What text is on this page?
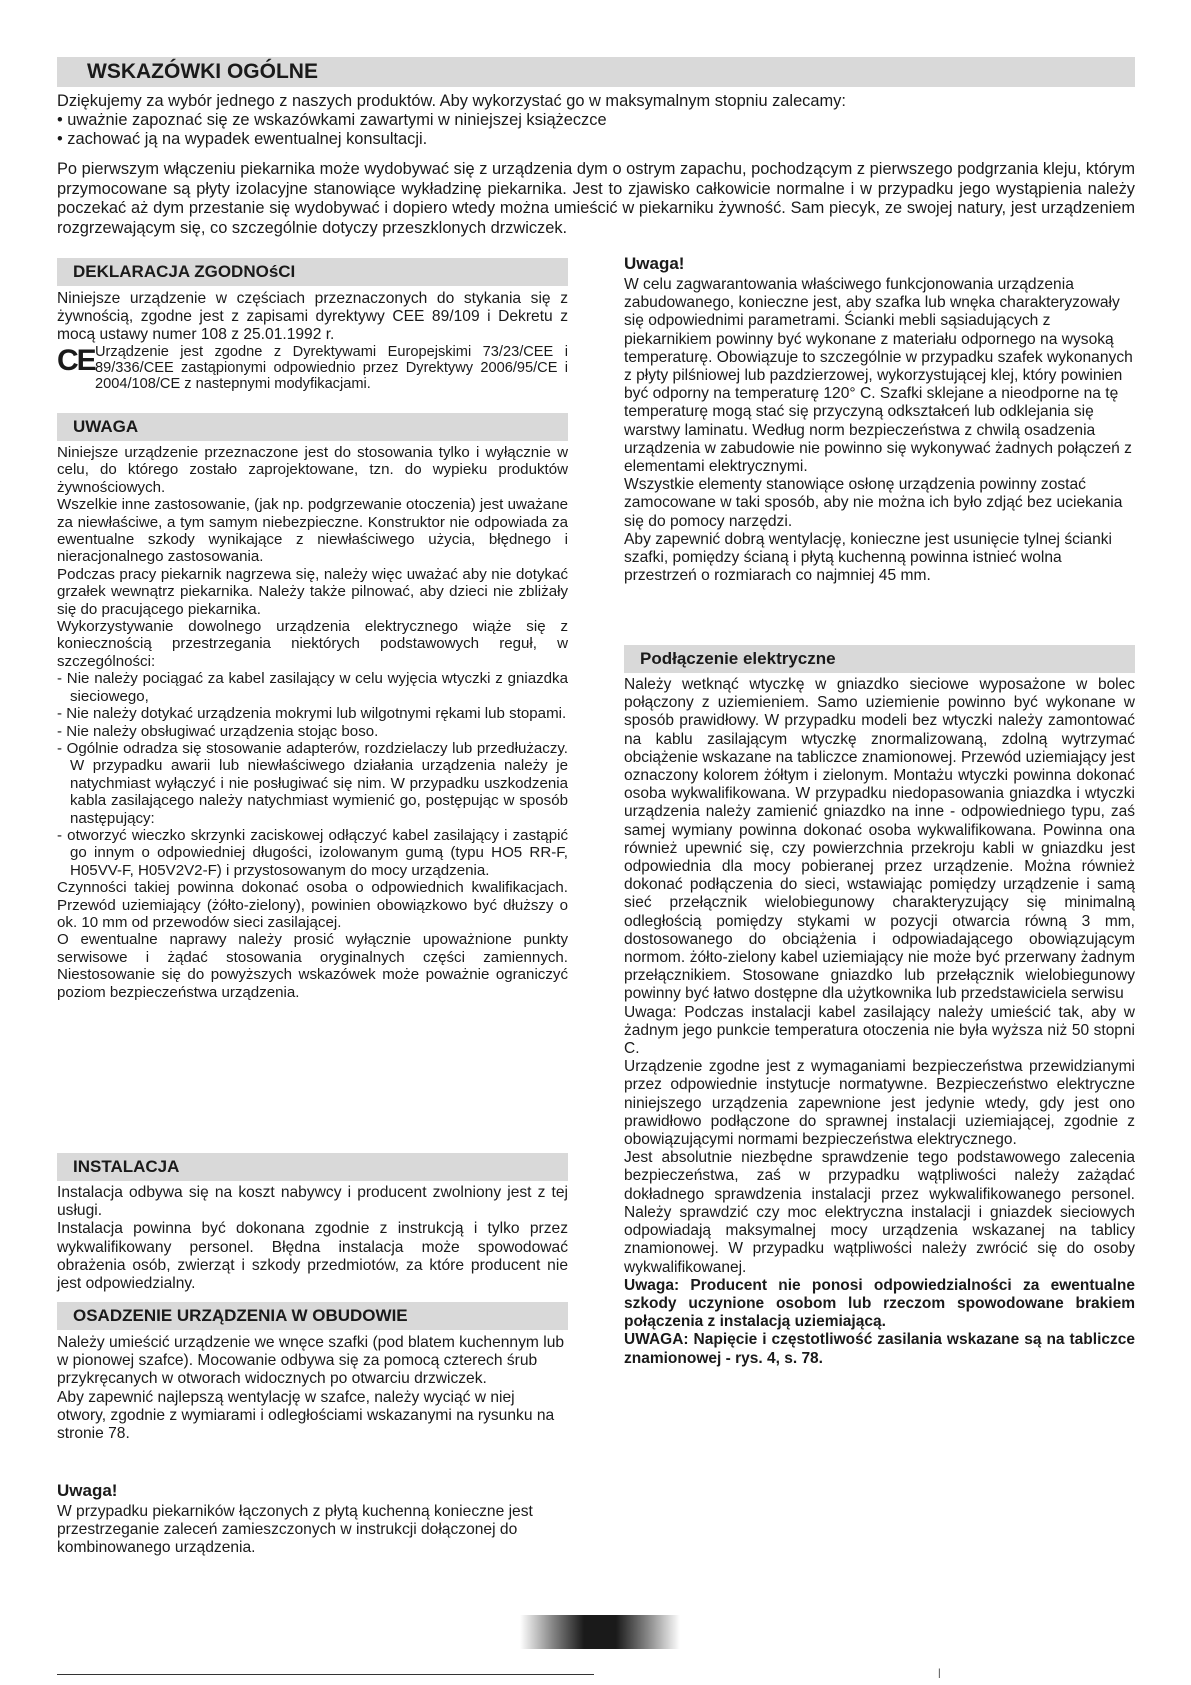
WSKAZÓWKI OGÓLNE

Dziękujemy za wybór jednego z naszych produktów. Aby wykorzystać go w maksymalnym stopniu zalecamy:

• uważnie zapoznać się ze wskazówkami zawartymi w niniejszej książeczce
• zachować ją na wypadek ewentualnej konsultacji.

Po pierwszym włączeniu piekarnika może wydobywać się z urządzenia dym o ostrym zapachu, pochodzącym z pierwszego podgrzania kleju, którym przymocowane są płyty izolacyjne stanowiące wykładzinę piekarnika. Jest to zjawisko całkowicie normalne i w przypadku jego wystąpienia należy poczekać aż dym przestanie się wydobywać i dopiero wtedy można umieścić w piekarniku żywność. Sam piecyk, ze swojej natury, jest urządzeniem rozgrzewającym się, co szczególnie dotyczy przeszklonych drzwiczek.

DEKLARACJA ZGODNOśCI

Niniejsze urządzenie w częściach przeznaczonych do stykania się z żywnością, zgodne jest z zapisami dyrektywy CEE 89/109 i Dekretu z mocą ustawy numer 108 z 25.01.1992 r.

CE Urządzenie jest zgodne z Dyrektywami Europejskimi 73/23/CEE i 89/336/CEE zastąpionymi odpowiednio przez Dyrektywy 2006/95/CE i 2004/108/CE z nastepnymi modyfikacjami.
UWAGA

Niniejsze urządzenie przeznaczone jest do stosowania tylko i wyłącznie w celu, do którego zostało zaprojektowane, tzn. do wypieku produktów żywnościowych.

Wszelkie inne zastosowanie, (jak np. podgrzewanie otoczenia) jest uważane za niewłaściwe, a tym samym niebezpieczne. Konstruktor nie odpowiada za ewentualne szkody wynikające z niewłaściwego użycia, błędnego i nieracjonalnego zastosowania.

Podczas pracy piekarnik nagrzewa się, należy więc uważać aby nie dotykać grzałek wewnątrz piekarnika. Należy także pilnować, aby dzieci nie zbliżały się do pracującego piekarnika.

Wykorzystywanie dowolnego urządzenia elektrycznego wiąże się z koniecznością przestrzegania niektórych podstawowych reguł, w szczególności:

- Nie należy pociągać za kabel zasilający w celu wyjęcia wtyczki z gniazdka sieciowego,
- Nie należy dotykać urządzenia mokrymi lub wilgotnymi rękami lub stopami.
- Nie należy obsługiwać urządzenia stojąc boso.
- Ogólnie odradza się stosowanie adapterów, rozdzielaczy lub przedłużaczy. W przypadku awarii lub niewłaściwego działania urządzenia należy je natychmiast wyłączyć i nie posługiwać się nim. W przypadku uszkodzenia kabla zasilającego należy natychmiast wymienić go, postępując w sposób następujący:
- otworzyć wieczko skrzynki zaciskowej odłączyć kabel zasilający i zastąpić go innym o odpowiedniej długości, izolowanym gumą (typu HO5 RR-F, H05VV-F, H05V2V2-F) i przystosowanym do mocy urządzenia.

Czynności takiej powinna dokonać osoba o odpowiednich kwalifikacjach. Przewód uziemiający (żółto-zielony), powinien obowiązkowo być dłuższy o ok. 10 mm od przewodów sieci zasilającej.

O ewentualne naprawy należy prosić wyłącznie upoważnione punkty serwisowe i żądać stosowania oryginalnych części zamiennych. Niestosowanie się do powyższych wskazówek może poważnie ograniczyć poziom bezpieczeństwa urządzenia.

INSTALACJA

Instalacja odbywa się na koszt nabywcy i producent zwolniony jest z tej usługi.

Instalacja powinna być dokonana zgodnie z instrukcją i tylko przez wykwalifikowany personel. Błędna instalacja może spowodować obrażenia osób, zwierząt i szkody przedmiotów, za które producent nie jest odpowiedzialny.

OSADZENIE URZĄDZENIA W OBUDOWIE

Należy umieścić urządzenie we wnęce szafki (pod blatem kuchennym lub w pionowej szafce). Mocowanie odbywa się za pomocą czterech śrub przykręcanych w otworach widocznych po otwarciu drzwiczek.

Aby zapewnić najlepszą wentylację w szafce, należy wyciąć w niej otwory, zgodnie z wymiarami i odległościami wskazanymi na rysunku na stronie 78.

Uwaga!

W przypadku piekarników łączonych z płytą kuchenną konieczne jest przestrzeganie zaleceń zamieszczonych w instrukcji dołączonej do kombinowanego urządzenia.

Uwaga!

W celu zagwarantowania właściwego funkcjonowania urządzenia zabudowanego, konieczne jest, aby szafka lub wnęka charakteryzowały się odpowiednimi parametrami. Ścianki mebli sąsiadujących z piekarnikiem powinny być wykonane z materiału odpornego na wysoką temperaturę. Obowiązuje to szczególnie w przypadku szafek wykonanych z płyty pilśniowej lub pazdzierzowej, wykorzystującej klej, który powinien być odporny na temperaturę 120° C. Szafki sklejane a nieodporne na tę temperaturę mogą stać się przyczyną odkształceń lub odklejania się warstwy laminatu. Według norm bezpieczeństwa z chwilą osadzenia urządzenia w zabudowie nie powinno się wykonywać żadnych połączeń z elementami elektrycznymi.

Wszystkie elementy stanowiące osłonę urządzenia powinny zostać zamocowane w taki sposób, aby nie można ich było zdjąć bez uciekania się do pomocy narzędzi.

Aby zapewnić dobrą wentylację, konieczne jest usunięcie tylnej ścianki szafki, pomiędzy ścianą i płytą kuchenną powinna istnieć wolna przestrzeń o rozmiarach co najmniej 45 mm.

Podłączenie elektryczne

Należy wetknąć wtyczkę w gniazdko sieciowe wyposażone w bolec połączony z uziemieniem. Samo uziemienie powinno być wykonane w sposób prawidłowy. W przypadku modeli bez wtyczki należy zamontować na kablu zasilającym wtyczkę znormalizowaną, zdolną wytrzymać obciążenie wskazane na tabliczce znamionowej. Przewód uziemiający jest oznaczony kolorem żółtym i zielonym. Montażu wtyczki powinna dokonać osoba wykwalifikowana. W przypadku niedopasowania gniazdka i wtyczki urządzenia należy zamienić gniazdko na inne - odpowiedniego typu, zaś samej wymiany powinna dokonać osoba wykwalifikowana. Powinna ona również upewnić się, czy powierzchnia przekroju kabli w gniazdku jest odpowiednia dla mocy pobieranej przez urządzenie. Można również dokonać podłączenia do sieci, wstawiając pomiędzy urządzenie i samą sieć przełącznik wielobiegunowy charakteryzujący się minimalną odległością pomiędzy stykami w pozycji otwarcia równą 3 mm, dostosowanego do obciążenia i odpowiadającego obowiązującym normom. żółto-zielony kabel uziemiający nie może być przerwany żadnym przełącznikiem. Stosowane gniazdko lub przełącznik wielobiegunowy powinny być łatwo dostępne dla użytkownika lub przedstawiciela serwisu

Uwaga: Podczas instalacji kabel zasilający należy umieścić tak, aby w żadnym jego punkcie temperatura otoczenia nie była wyższa niż 50 stopni C.

Urządzenie zgodne jest z wymaganiami bezpieczeństwa przewidzianymi przez odpowiednie instytucje normatywne. Bezpieczeństwo elektryczne niniejszego urządzenia zapewnione jest jedynie wtedy, gdy jest ono prawidłowo podłączone do sprawnej instalacji uziemiającej, zgodnie z obowiązującymi normami bezpieczeństwa elektrycznego.

Jest absolutnie niezbędne sprawdzenie tego podstawowego zalecenia bezpieczeństwa, zaś w przypadku wątpliwości należy zażądać dokładnego sprawdzenia instalacji przez wykwalifikowanego personel. Należy sprawdzić czy moc elektryczna instalacji i gniazdek sieciowych odpowiadają maksymalnej mocy urządzenia wskazanej na tablicy znamionowej. W przypadku wątpliwości należy zwrócić się do osoby wykwalifikowanej.

Uwaga: Producent nie ponosi odpowiedzialności za ewentualne szkody uczynione osobom lub rzeczom spowodowane brakiem połączenia z instalacją uziemiającą.

UWAGA: Napięcie i częstotliwość zasilania wskazane są na tabliczce znamionowej - rys. 4, s. 78.

|
